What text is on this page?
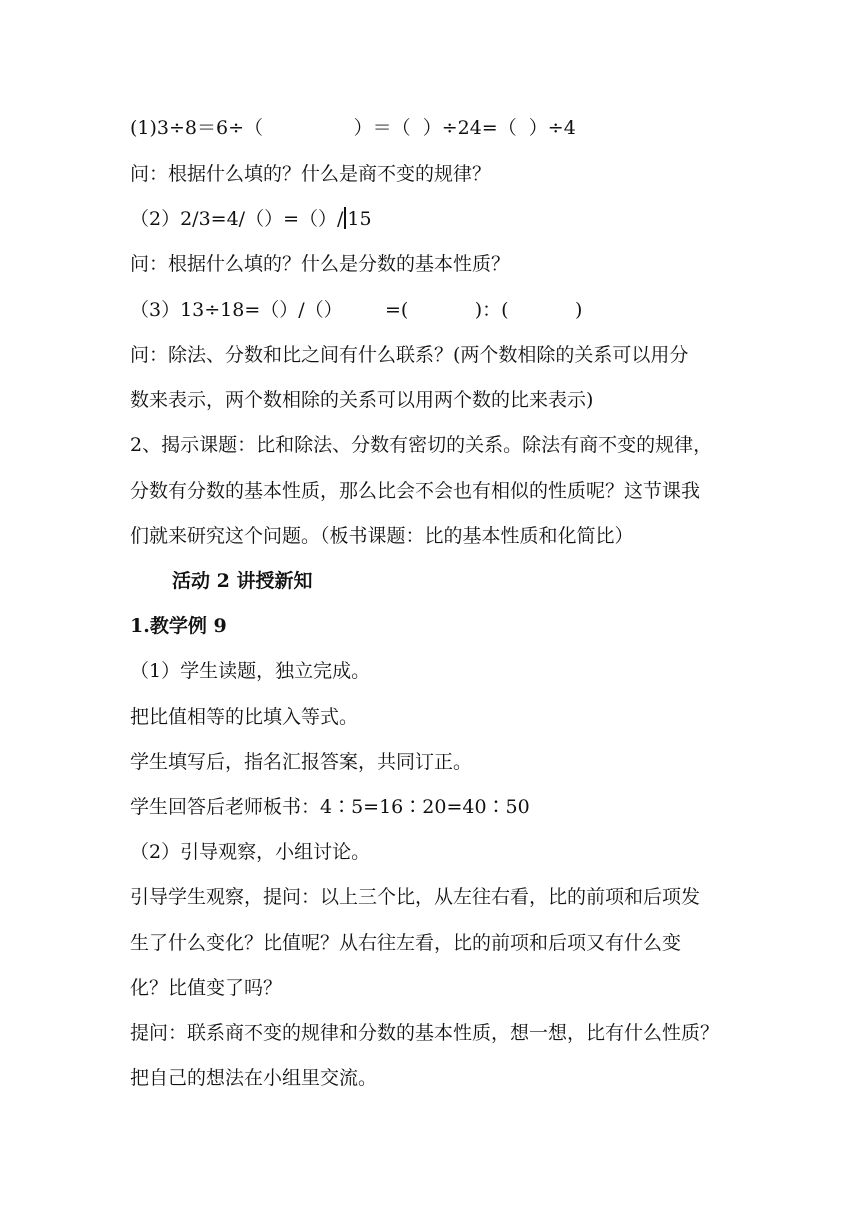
(1)3÷8＝6÷（               ）＝（  ）÷24=（  ）÷4
问：根据什么填的？什么是商不变的规律？
（2）2/3=4/（）=（）/ 15
问：根据什么填的？什么是分数的基本性质？
（3）13÷18=（）/（）       =(           )：(           )
问：除法、分数和比之间有什么联系？(两个数相除的关系可以用分
数来表示，两个数相除的关系可以用两个数的比来表示)
2、揭示课题：比和除法、分数有密切的关系。除法有商不变的规律，
分数有分数的基本性质，那么比会不会也有相似的性质呢？这节课我
们就来研究这个问题。（板书课题：比的基本性质和化简比）
活动 2 讲授新知
1.教学例 9
（1）学生读题，独立完成。
把比值相等的比填入等式。
学生填写后，指名汇报答案，共同订正。
学生回答后老师板书：4∶5=16∶20=40∶50
（2）引导观察，小组讨论。
引导学生观察，提问：以上三个比，从左往右看，比的前项和后项发
生了什么变化？比值呢？从右往左看，比的前项和后项又有什么变
化？比值变了吗？
提问：联系商不变的规律和分数的基本性质，想一想，比有什么性质？
把自己的想法在小组里交流。
